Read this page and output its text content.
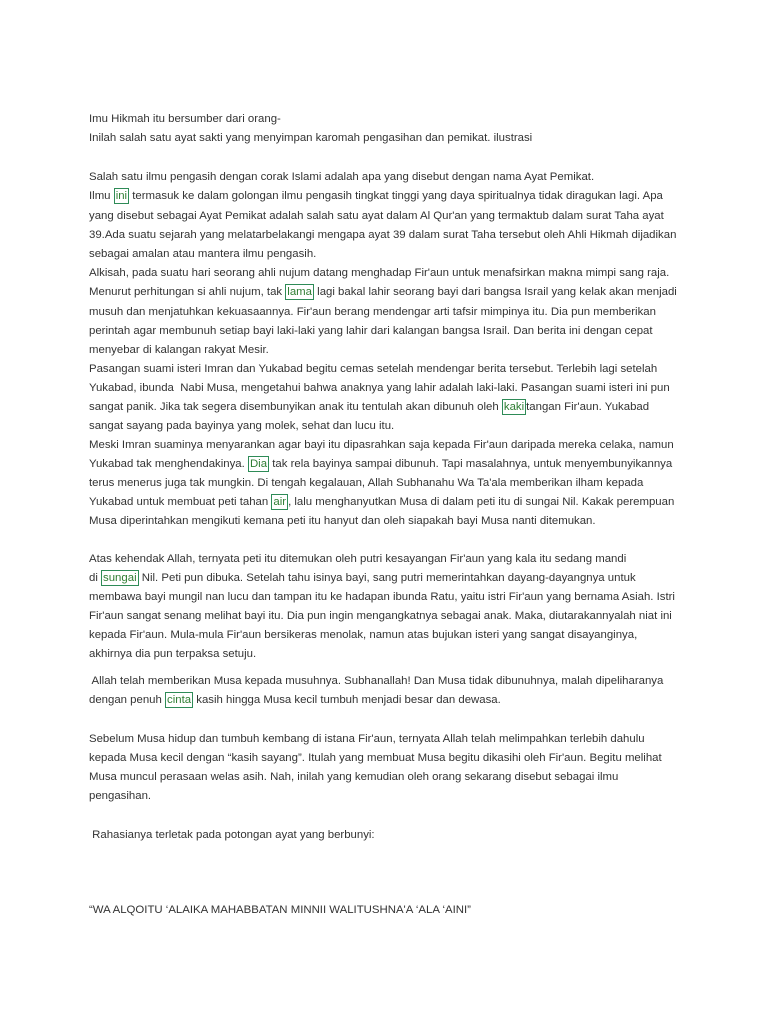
Imu Hikmah itu bersumber dari orang-
Inilah salah satu ayat sakti yang menyimpan karomah pengasihan dan pemikat. ilustrasi
Salah satu ilmu pengasih dengan corak Islami adalah apa yang disebut dengan nama Ayat Pemikat.
Ilmu ini termasuk ke dalam golongan ilmu pengasih tingkat tinggi yang daya spiritualnya tidak diragukan lagi. Apa
yang disebut sebagai Ayat Pemikat adalah salah satu ayat dalam Al Qur'an yang termaktub dalam surat Taha ayat
39.Ada suatu sejarah yang melatarbelakangi mengapa ayat 39 dalam surat Taha tersebut oleh Ahli Hikmah dijadikan
sebagai amalan atau mantera ilmu pengasih.
Alkisah, pada suatu hari seorang ahli nujum datang menghadap Fir'aun untuk menafsirkan makna mimpi sang raja.
Menurut perhitungan si ahli nujum, tak lama lagi bakal lahir seorang bayi dari bangsa Israil yang kelak akan menjadi
musuh dan menjatuhkan kekuasaannya. Fir'aun berang mendengar arti tafsir mimpinya itu. Dia pun memberikan
perintah agar membunuh setiap bayi laki-laki yang lahir dari kalangan bangsa Israil. Dan berita ini dengan cepat
menyebar di kalangan rakyat Mesir.
Pasangan suami isteri Imran dan Yukabad begitu cemas setelah mendengar berita tersebut. Terlebih lagi setelah
Yukabad, ibunda  Nabi Musa, mengetahui bahwa anaknya yang lahir adalah laki-laki. Pasangan suami isteri ini pun
sangat panik. Jika tak segera disembunyikan anak itu tentulah akan dibunuh oleh kaki tangan Fir'aun. Yukabad
sangat sayang pada bayinya yang molek, sehat dan lucu itu.
Meski Imran suaminya menyarankan agar bayi itu dipasrahkan saja kepada Fir'aun daripada mereka celaka, namun
Yukabad tak menghendakinya. Dia tak rela bayinya sampai dibunuh. Tapi masalahnya, untuk menyembunyikannya
terus menerus juga tak mungkin. Di tengah kegalauan, Allah Subhanahu Wa Ta'ala memberikan ilham kepada
Yukabad untuk membuat peti tahan air , lalu menghanyutkan Musa di dalam peti itu di sungai Nil. Kakak perempuan
Musa diperintahkan mengikuti kemana peti itu hanyut dan oleh siapakah bayi Musa nanti ditemukan.
Atas kehendak Allah, ternyata peti itu ditemukan oleh putri kesayangan Fir'aun yang kala itu sedang mandi
di sungai Nil. Peti pun dibuka. Setelah tahu isinya bayi, sang putri memerintahkan dayang-dayangnya untuk
membawa bayi mungil nan lucu dan tampan itu ke hadapan ibunda Ratu, yaitu istri Fir'aun yang bernama Asiah. Istri
Fir'aun sangat senang melihat bayi itu. Dia pun ingin mengangkatnya sebagai anak. Maka, diutarakannyalah niat ini
kepada Fir'aun. Mula-mula Fir'aun bersikeras menolak, namun atas bujukan isteri yang sangat disayanginya,
akhirnya dia pun terpaksa setuju.
Allah telah memberikan Musa kepada musuhnya. Subhanallah! Dan Musa tidak dibunuhnya, malah dipeliharanya
dengan penuh cinta kasih hingga Musa kecil tumbuh menjadi besar dan dewasa.
Sebelum Musa hidup dan tumbuh kembang di istana Fir'aun, ternyata Allah telah melimpahkan terlebih dahulu
kepada Musa kecil dengan “kasih sayang”. Itulah yang membuat Musa begitu dikasihi oleh Fir'aun. Begitu melihat
Musa muncul perasaan welas asih. Nah, inilah yang kemudian oleh orang sekarang disebut sebagai ilmu
pengasihan.
Rahasianya terletak pada potongan ayat yang berbunyi:
“WA ALQOITU ‘ALAIKA MAHABBATAN MINNII WALITUSHNA'A ‘ALA ‘AINI”
